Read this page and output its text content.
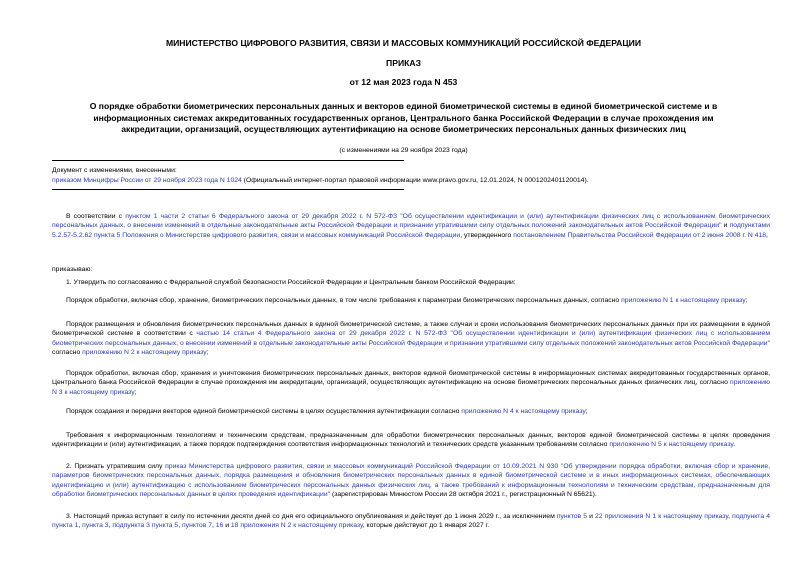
МИНИСТЕРСТВО ЦИФРОВОГО РАЗВИТИЯ, СВЯЗИ И МАССОВЫХ КОММУНИКАЦИЙ РОССИЙСКОЙ ФЕДЕРАЦИИ
ПРИКАЗ
от 12 мая 2023 года N 453
О порядке обработки биометрических персональных данных и векторов единой биометрической системы в единой биометрической системе и в информационных системах аккредитованных государственных органов, Центрального банка Российской Федерации в случае прохождения им аккредитации, организаций, осуществляющих аутентификацию на основе биометрических персональных данных физических лиц
(с изменениями на 29 ноября 2023 года)
Документ с изменениями, внесенными:
приказом Минцифры России от 29 ноября 2023 года N 1024 (Официальный интернет-портал правовой информации www.pravo.gov.ru, 12.01.2024, N 0001202401120014).
В соответствии с пунктом 1 части 2 статьи 6 Федерального закона от 29 декабря 2022 г. N 572-ФЗ "Об осуществлении идентификации и (или) аутентификации физических лиц с использованием биометрических персональных данных, о внесении изменений в отдельные законодательные акты Российской Федерации и признании утратившими силу отдельных положений законодательных актов Российской Федерации" и подпунктами 5.2.57-5.2.62 пункта 5 Положения о Министерстве цифрового развития, связи и массовых коммуникаций Российской Федерации, утвержденного постановлением Правительства Российской Федерации от 2 июня 2008 г. N 418,
приказываю:
1. Утвердить по согласованию с Федеральной службой безопасности Российской Федерации и Центральным банком Российской Федерации:
Порядок обработки, включая сбор, хранение, биометрических персональных данных, в том числе требования к параметрам биометрических персональных данных, согласно приложению N 1 к настоящему приказу;
Порядок размещения и обновления биометрических персональных данных в единой биометрической системе, а также случаи и сроки использования биометрических персональных данных при их размещении в единой биометрической системе в соответствии с частью 14 статьи 4 Федерального закона от 29 декабря 2022 г. N 572-ФЗ "Об осуществлении идентификации и (или) аутентификации физических лиц с использованием биометрических персональных данных, о внесении изменений в отдельные законодательные акты Российской Федерации и признании утратившими силу отдельных положений законодательных актов Российской Федерации" согласно приложению N 2 к настоящему приказу;
Порядок обработки, включая сбор, хранения и уничтожения биометрических персональных данных, векторов единой биометрической системы в информационных системах аккредитованных государственных органов, Центрального банка Российской Федерации в случае прохождения им аккредитации, организаций, осуществляющих аутентификацию на основе биометрических персональных данных физических лиц, согласно приложению N 3 к настоящему приказу;
Порядок создания и передачи векторов единой биометрической системы в целях осуществления аутентификации согласно приложению N 4 к настоящему приказу;
Требования к информационным технологиям и техническим средствам, предназначенным для обработки биометрических персональных данных, векторов единой биометрической системы в целях проведения идентификации и (или) аутентификации, а также порядок подтверждения соответствия информационных технологий и технических средств указанным требованиям согласно приложению N 5 к настоящему приказу.
2. Признать утратившим силу приказ Министерства цифрового развития, связи и массовых коммуникаций Российской Федерации от 10.09.2021 N 930 "Об утверждении порядка обработки, включая сбор и хранение, параметров биометрических персональных данных, порядка размещения и обновления биометрических персональных данных в единой биометрической системе и в иных информационных системах, обеспечивающих идентификацию и (или) аутентификацию с использованием биометрических персональных данных физических лиц, а также требований к информационным технологиям и техническим средствам, предназначенным для обработки биометрических персональных данных в целях проведения идентификации" (зарегистрирован Минюстом России 28 октября 2021 г., регистрационный N 65621).
3. Настоящий приказ вступает в силу по истечении десяти дней со дня его официального опубликования и действует до 1 июня 2029 г., за исключением пунктов 5 и 22 приложения N 1 к настоящему приказу, подпункта 4 пункта 1, пункта 3, подпункта 3 пункта 5, пунктов 7, 16 и 18 приложения N 2 к настоящему приказу, которые действуют до 1 января 2027 г.
